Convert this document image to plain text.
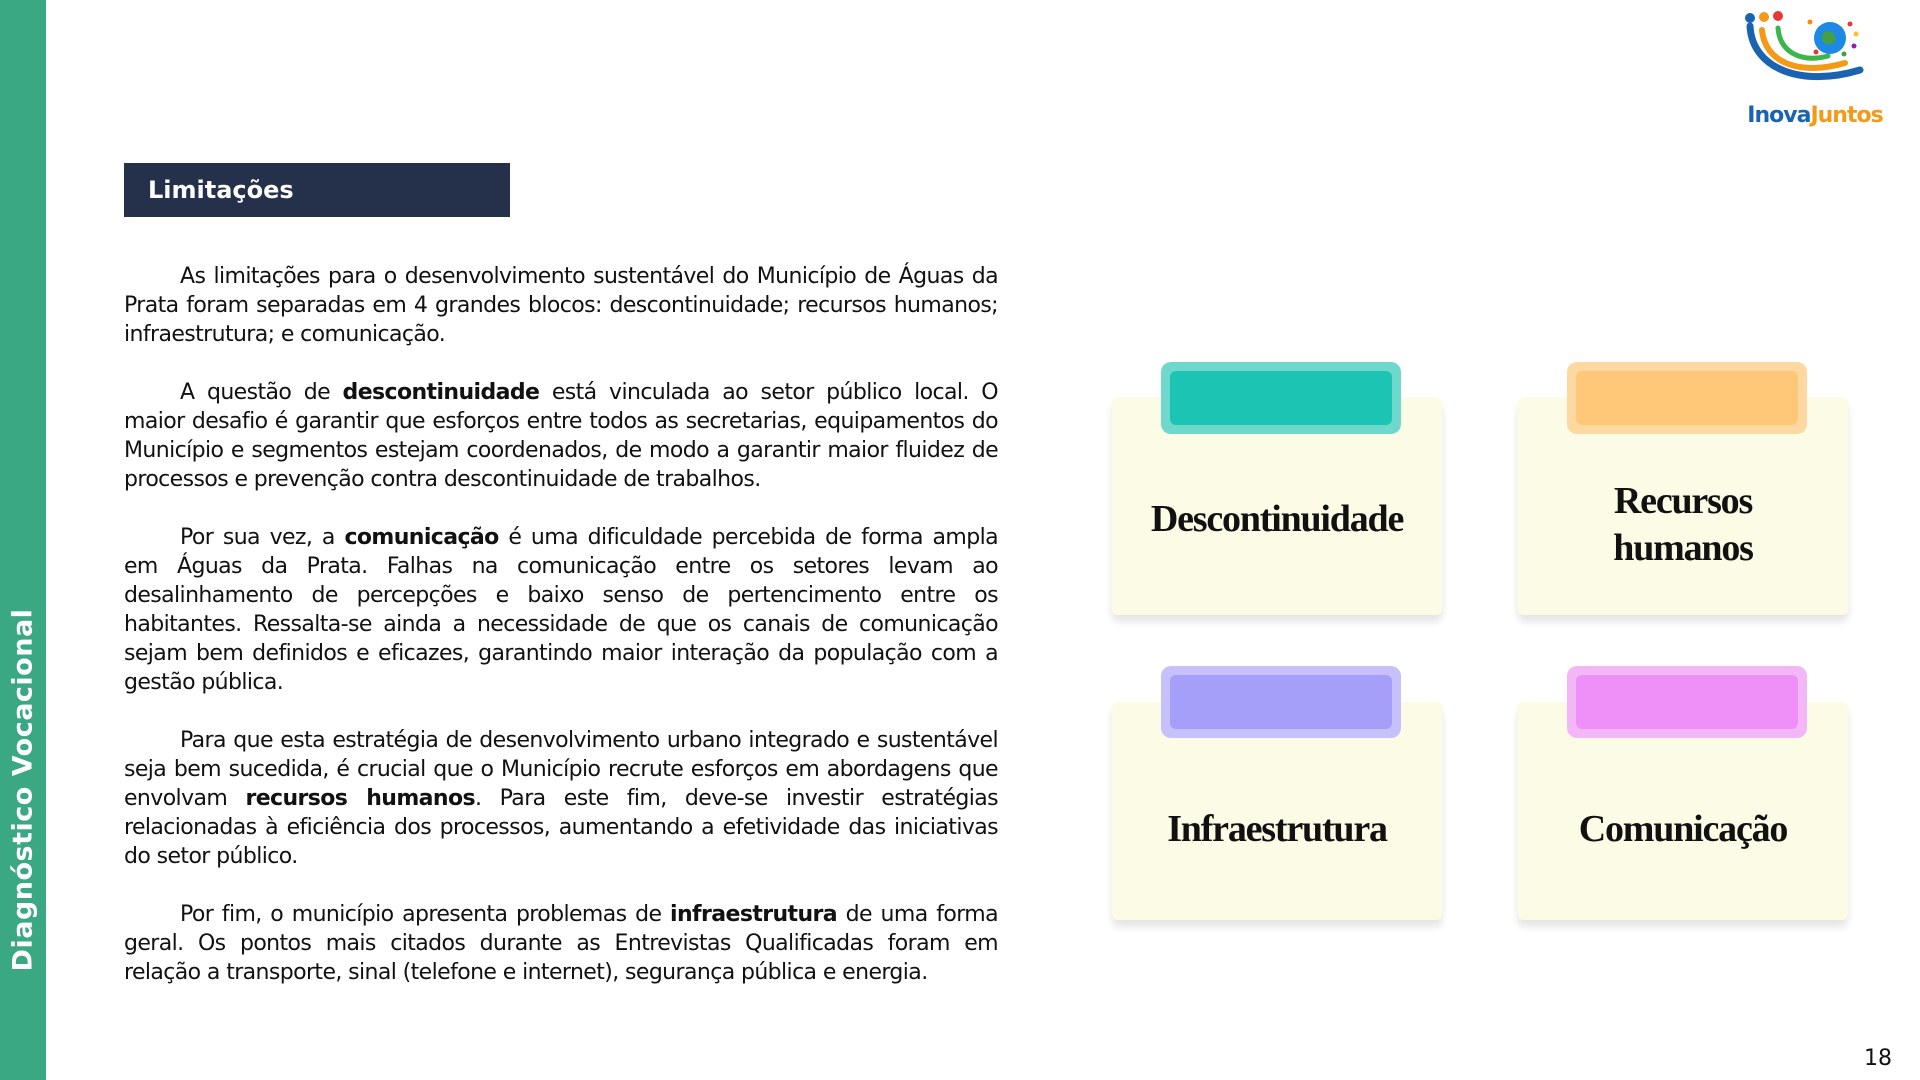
Diagnóstico Vocacional
InovaJuntos
Limitações

As limitações para o desenvolvimento sustentável do Município de Águas da Prata foram separadas em 4 grandes blocos: descontinuidade; recursos humanos; infraestrutura; e comunicação.

A questão de descontinuidade está vinculada ao setor público local. O maior desafio é garantir que esforços entre todos as secretarias, equipamentos do Município e segmentos estejam coordenados, de modo a garantir maior fluidez de processos e prevenção contra descontinuidade de trabalhos.

Por sua vez, a comunicação é uma dificuldade percebida de forma ampla em Águas da Prata. Falhas na comunicação entre os setores levam ao desalinhamento de percepções e baixo senso de pertencimento entre os habitantes. Ressalta-se ainda a necessidade de que os canais de comunicação sejam bem definidos e eficazes, garantindo maior interação da população com a gestão pública.

Para que esta estratégia de desenvolvimento urbano integrado e sustentável seja bem sucedida, é crucial que o Município recrute esforços em abordagens que envolvam recursos humanos. Para este fim, deve-se investir estratégias relacionadas à eficiência dos processos, aumentando a efetividade das iniciativas do setor público.

Por fim, o município apresenta problemas de infraestrutura de uma forma geral. Os pontos mais citados durante as Entrevistas Qualificadas foram em relação a transporte, sinal (telefone e internet), segurança pública e energia.

Descontinuidade	Recursos humanos
Infraestrutura	Comunicação
18
